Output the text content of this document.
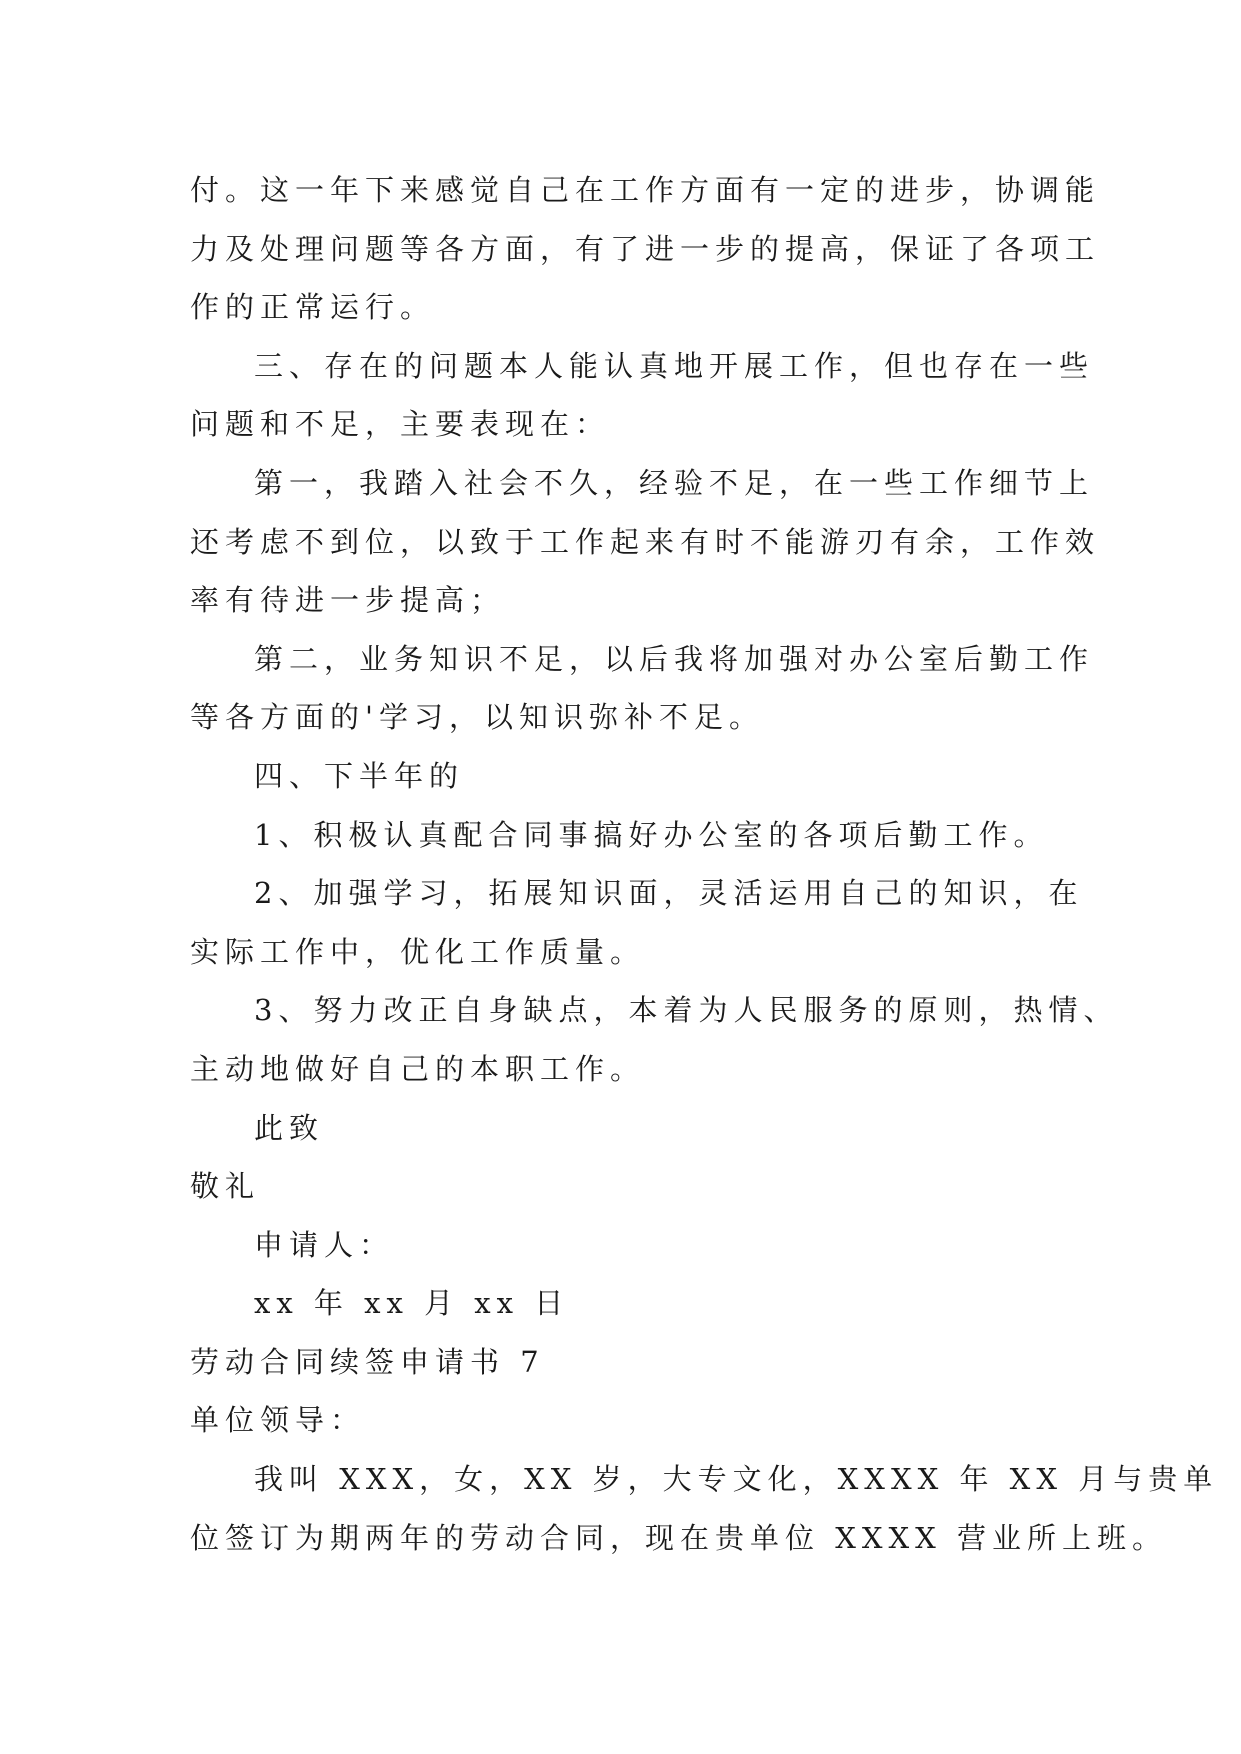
付。这一年下来感觉自己在工作方面有一定的进步，协调能
力及处理问题等各方面，有了进一步的提高，保证了各项工
作的正常运行。
三、存在的问题本人能认真地开展工作，但也存在一些
问题和不足，主要表现在：
第一，我踏入社会不久，经验不足，在一些工作细节上
还考虑不到位，以致于工作起来有时不能游刃有余，工作效
率有待进一步提高；
第二，业务知识不足，以后我将加强对办公室后勤工作
等各方面的'学习，以知识弥补不足。
四、下半年的
1、积极认真配合同事搞好办公室的各项后勤工作。
2、加强学习，拓展知识面，灵活运用自己的知识，在
实际工作中，优化工作质量。
3、努力改正自身缺点，本着为人民服务的原则，热情、
主动地做好自己的本职工作。
此致
敬礼
申请人：
xx 年 xx 月 xx 日
劳动合同续签申请书 7
单位领导：
我叫 XXX，女，XX 岁，大专文化，XXXX 年 XX 月与贵单
位签订为期两年的劳动合同，现在贵单位 XXXX 营业所上班。
